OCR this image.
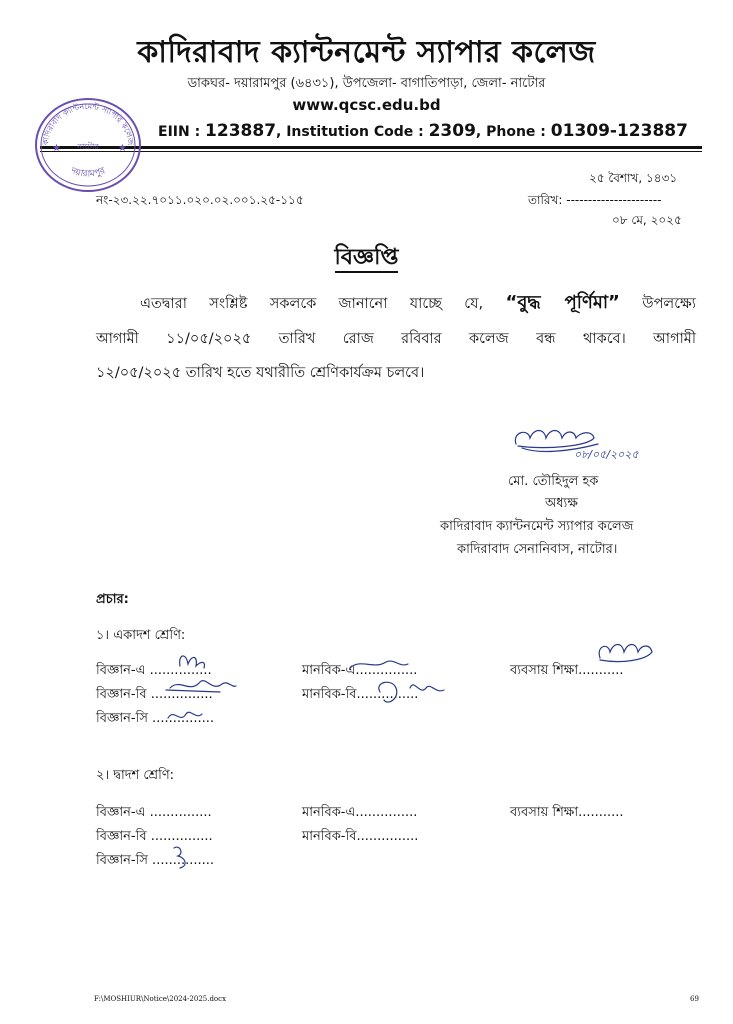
কাদিরাবাদ ক্যান্টনমেন্ট স্যাপার কলেজ
ডাকঘর- দয়ারামপুর (৬৪৩১), উপজেলা- বাগাতিপাড়া, জেলা- নাটোর
www.qcsc.edu.bd
EIIN : 123887, Institution Code : 2309, Phone : 01309-123887
কাদিরাবাদ ক্যান্টনমেন্ট স্যাপার কলেজ
নাটোর
দয়ারামপুর
★	★
নং-২৩.২২.৭০১১.০২০.০২.০০১.২৫-১১৫
২৫ বৈশাখ, ১৪৩১
তারিখ: ----------------------
০৮ মে, ২০২৫
বিজ্ঞপ্তি
এতদ্বারা সংশ্লিষ্ট সকলকে জানানো যাচ্ছে যে, “বুদ্ধ পূর্ণিমা” উপলক্ষ্যে
আগামী ১১/০৫/২০২৫ তারিখ রোজ রবিবার কলেজ বন্ধ থাকবে। আগামী
১২/০৫/২০২৫ তারিখ হতে যথারীতি শ্রেণিকার্যক্রম চলবে।
০৮/০৫/২০২৫
মো. তৌহিদুল হক
অধ্যক্ষ
কাদিরাবাদ ক্যান্টনমেন্ট স্যাপার কলেজ
কাদিরাবাদ সেনানিবাস, নাটোর।
প্রচার:
১। একাদশ শ্রেণি:
বিজ্ঞান-এ ...............
বিজ্ঞান-বি ...............
বিজ্ঞান-সি ...............
মানবিক-এ...............
মানবিক-বি...............
ব্যবসায় শিক্ষা...........
২। দ্বাদশ শ্রেণি:
বিজ্ঞান-এ ...............
বিজ্ঞান-বি ...............
বিজ্ঞান-সি ...............
মানবিক-এ...............
মানবিক-বি...............
ব্যবসায় শিক্ষা...........
F:\MOSHIUR\Notice\2024-2025.docx	69
